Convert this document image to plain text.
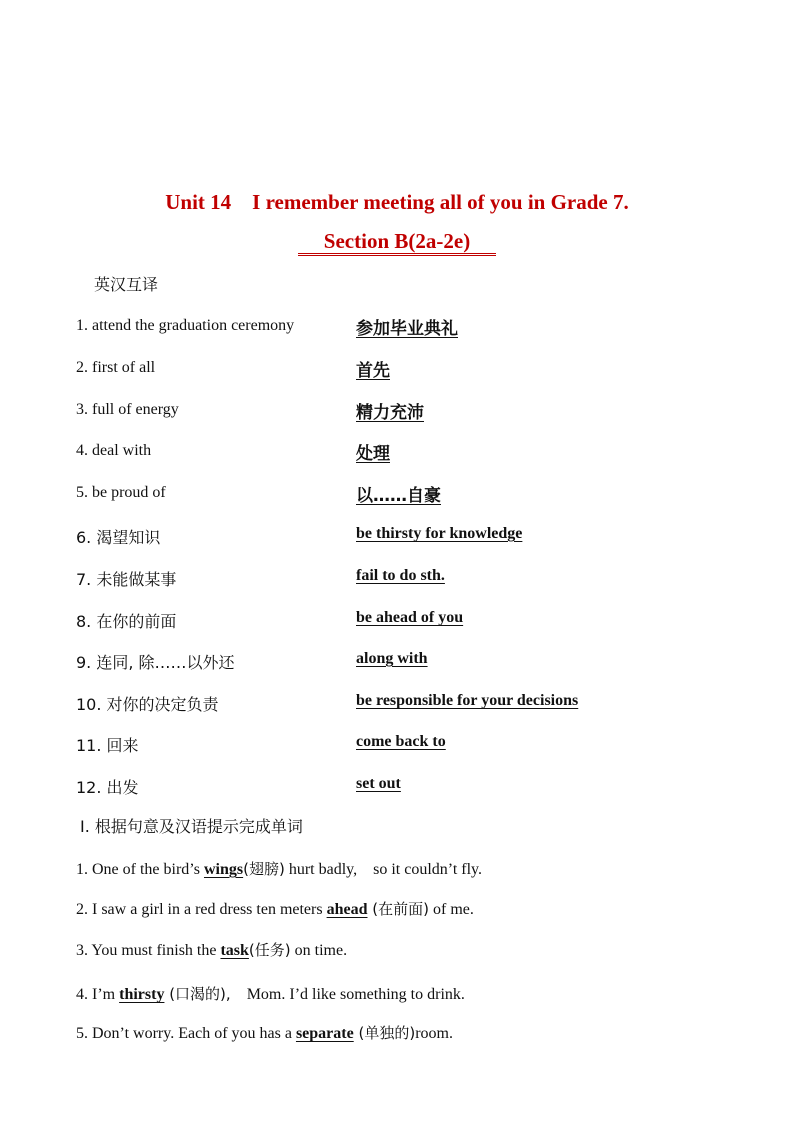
Unit 14　I remember meeting all of you in Grade 7.
Section B(2a-2e)
英汉互译
1. attend the graduation ceremony	参加毕业典礼
2. first of all	首先
3. full of energy	精力充沛
4. deal with	处理
5. be proud of	以……自豪
6. 渴望知识	be thirsty for knowledge
7. 未能做某事	fail to do sth.
8. 在你的前面	be ahead of you
9. 连同, 除……以外还	along with
10. 对你的决定负责	be responsible for your decisions
11. 回来	come back to
12. 出发	set out
Ⅰ. 根据句意及汉语提示完成单词
1. One of the bird’s wings(翅膀) hurt badly,　so it couldn’t fly.
2. I saw a girl in a red dress ten meters ahead (在前面) of me.
3. You must finish the task(任务) on time.
4. I’m thirsty (口渴的),　Mom. I’d like something to drink.
5. Don’t worry. Each of you has a separate (单独的)room.
